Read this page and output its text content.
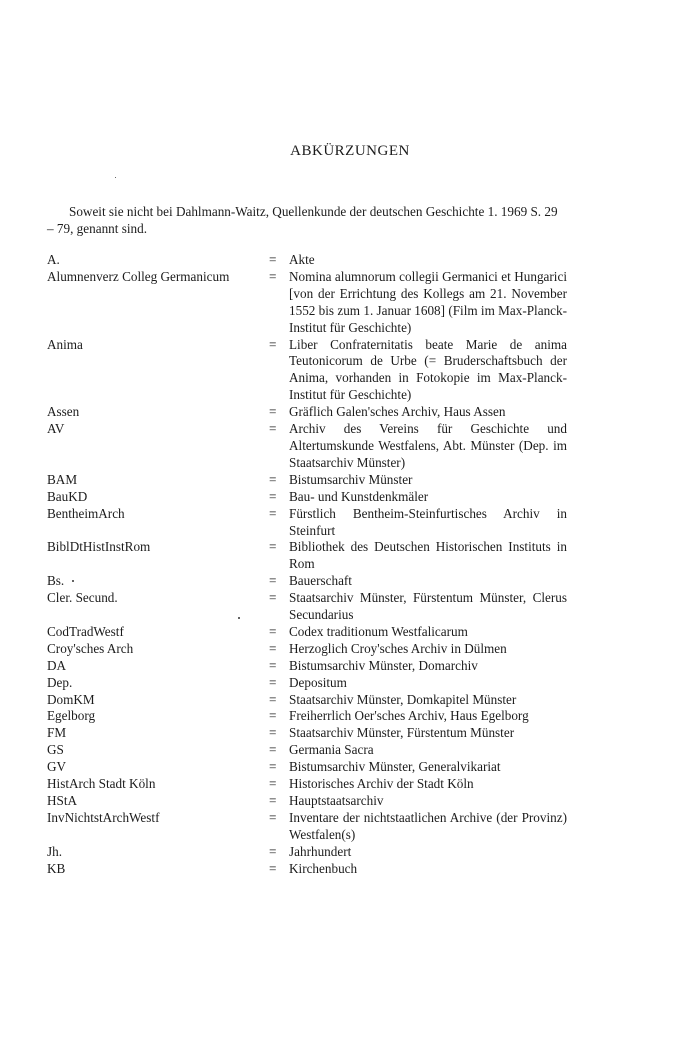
ABKÜRZUNGEN
Soweit sie nicht bei Dahlmann-Waitz, Quellenkunde der deutschen Geschichte 1. 1969 S. 29 – 79, genannt sind.
A.	= Akte
Alumnenverz Colleg Germanicum	= Nomina alumnorum collegii Germanici et Hungarici [von der Errichtung des Kollegs am 21. November 1552 bis zum 1. Januar 1608] (Film im Max-Planck-Institut für Geschichte)
Anima	= Liber Confraternitatis beate Marie de anima Teutonicorum de Urbe (= Bruderschaftsbuch der Anima, vorhanden in Fotokopie im Max-Planck-Institut für Geschichte)
Assen	= Gräflich Galen'sches Archiv, Haus Assen
AV	= Archiv des Vereins für Geschichte und Altertumskunde Westfalens, Abt. Münster (Dep. im Staatsarchiv Münster)
BAM	= Bistumsarchiv Münster
BauKD	= Bau- und Kunstdenkmäler
BentheimArch	= Fürstlich Bentheim-Steinfurtisches Archiv in Steinfurt
BiblDtHistInstRom	= Bibliothek des Deutschen Historischen Instituts in Rom
Bs.	= Bauerschaft
Cler. Secund.	= Staatsarchiv Münster, Fürstentum Münster, Clerus Secundarius
CodTradWestf	= Codex traditionum Westfalicarum
Croy'sches Arch	= Herzoglich Croy'sches Archiv in Dülmen
DA	= Bistumsarchiv Münster, Domarchiv
Dep.	= Depositum
DomKM	= Staatsarchiv Münster, Domkapitel Münster
Egelborg	= Freiherrlich Oer'sches Archiv, Haus Egelborg
FM	= Staatsarchiv Münster, Fürstentum Münster
GS	= Germania Sacra
GV	= Bistumsarchiv Münster, Generalvikariat
HistArch Stadt Köln	= Historisches Archiv der Stadt Köln
HStA	= Hauptstaatsarchiv
InvNichtstArchWestf	= Inventare der nichtstaatlichen Archive (der Provinz) Westfalen(s)
Jh.	= Jahrhundert
KB	= Kirchenbuch
